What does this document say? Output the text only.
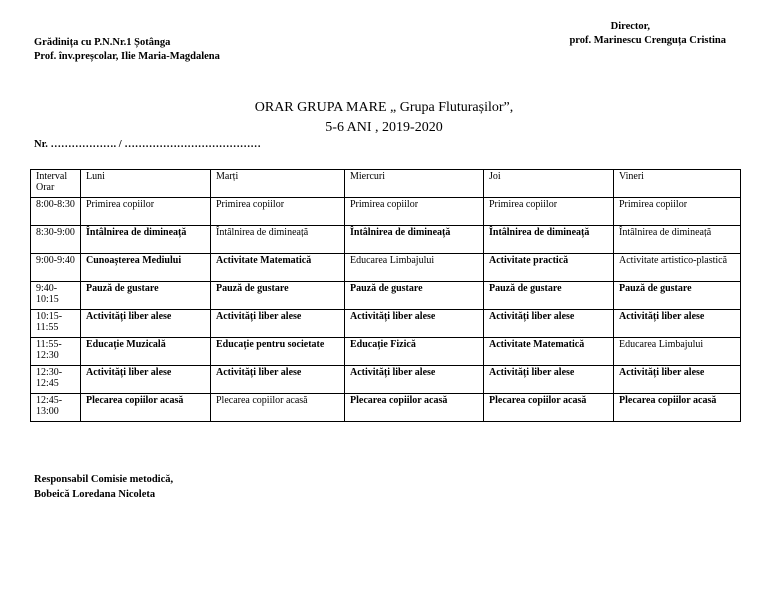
Grădinița cu P.N.Nr.1 Șotânga
Prof. înv.preșcolar, Ilie Maria-Magdalena
Director,
prof. Marinescu Crenguța Cristina
ORAR GRUPA MARE „ Grupa Fluturașilor”,
5-6 ANI , 2019-2020
Nr. ………………. / …………………………………
Interval Orar	Luni	Marți	Miercuri	Joi	Vineri
8:00-8:30	Primirea copiilor	Primirea copiilor	Primirea copiilor	Primirea copiilor	Primirea copiilor
8:30-9:00	Întâlnirea de dimineață	Întâlnirea de dimineață	Întâlnirea de dimineață	Întâlnirea de dimineață	Întâlnirea de dimineață
9:00-9:40	Cunoașterea Mediului	Activitate Matematică	Educarea Limbajului	Activitate practică	Activitate artistico-plastică
9:40-10:15	Pauză de gustare	Pauză de gustare	Pauză de gustare	Pauză de gustare	Pauză de gustare
10:15-11:55	Activități liber alese	Activități liber alese	Activități liber alese	Activități liber alese	Activități liber alese
11:55-12:30	Educație Muzicală	Educație pentru societate	Educație Fizică	Activitate Matematică	Educarea Limbajului
12:30-12:45	Activități liber alese	Activități liber alese	Activități liber alese	Activități liber alese	Activități liber alese
12:45-13:00	Plecarea copiilor acasă	Plecarea copiilor acasă	Plecarea copiilor acasă	Plecarea copiilor acasă	Plecarea copiilor acasă
Responsabil Comisie metodică,
Bobeică Loredana Nicoleta
